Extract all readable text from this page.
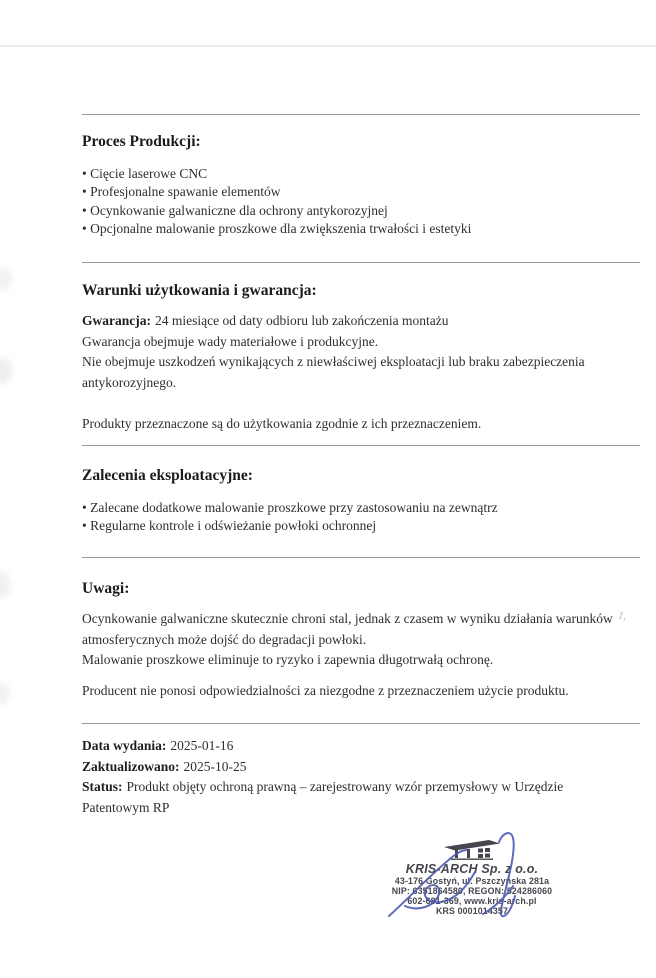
Proces Produkcji:
• Cięcie laserowe CNC
• Profesjonalne spawanie elementów
• Ocynkowanie galwaniczne dla ochrony antykorozyjnej
• Opcjonalne malowanie proszkowe dla zwiększenia trwałości i estetyki
Warunki użytkowania i gwarancja:

Gwarancja: 24 miesiące od daty odbioru lub zakończenia montażu

Gwarancja obejmuje wady materiałowe i produkcyjne.

Nie obejmuje uszkodzeń wynikających z niewłaściwej eksploatacji lub braku zabezpieczenia antykorozyjnego.

Produkty przeznaczone są do użytkowania zgodnie z ich przeznaczeniem.

Zalecenia eksploatacyjne:
• Zalecane dodatkowe malowanie proszkowe przy zastosowaniu na zewnątrz
• Regularne kontrole i odświeżanie powłoki ochronnej
Uwagi:

Ocynkowanie galwaniczne skutecznie chroni stal, jednak z czasem w wyniku działania warunków atmosferycznych może dojść do degradacji powłoki.

Malowanie proszkowe eliminuje to ryzyko i zapewnia długotrwałą ochronę.

Producent nie ponosi odpowiedzialności za niezgodne z przeznaczeniem użycie produktu.

1,

Data wydania: 2025-01-16

Zaktualizowano: 2025-10-25

Status: Produkt objęty ochroną prawną – zarejestrowany wzór przemysłowy w Urzędzie Patentowym RP

KRIS-ARCH Sp. z o.o.
43-176 Gostyń, ul. Pszczyńska 281a
NIP: 6351864580, REGON: 524286060
602-681-369, www.kris-arch.pl
KRS 0001014357
